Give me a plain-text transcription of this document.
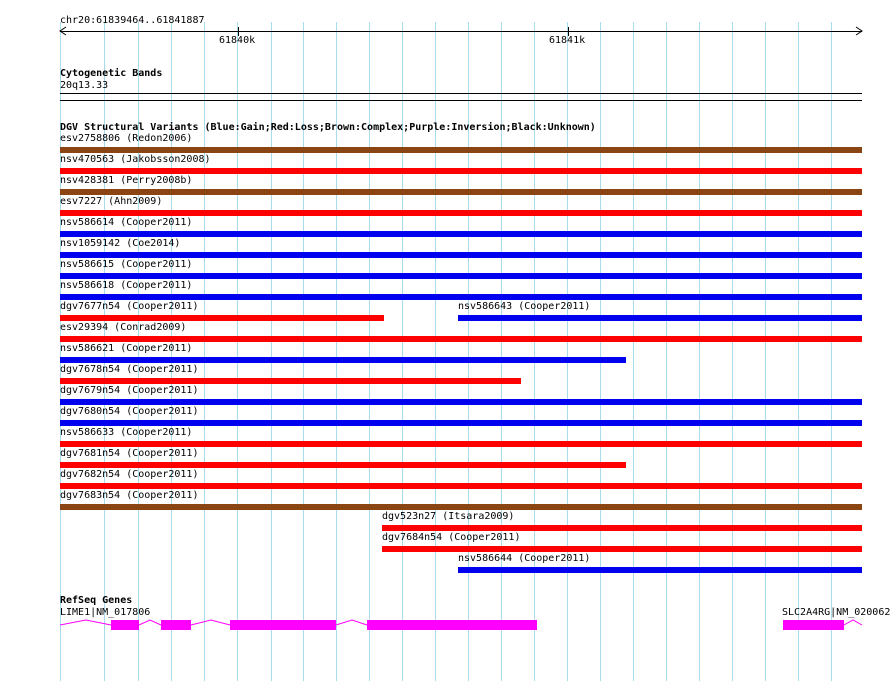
chr20:61839464..61841887
61840k	61841k
Cytogenetic Bands
20q13.33
DGV Structural Variants (Blue:Gain;Red:Loss;Brown:Complex;Purple:Inversion;Black:Unknown)
esv2758806 (Redon2006)
nsv470563 (Jakobsson2008)
nsv428381 (Perry2008b)
esv7227 (Ahn2009)
nsv586614 (Cooper2011)
nsv1059142 (Coe2014)
nsv586615 (Cooper2011)
nsv586618 (Cooper2011)
dgv7677n54 (Cooper2011)	nsv586643 (Cooper2011)
esv29394 (Conrad2009)
nsv586621 (Cooper2011)
dgv7678n54 (Cooper2011)
dgv7679n54 (Cooper2011)
dgv7680n54 (Cooper2011)
nsv586633 (Cooper2011)
dgv7681n54 (Cooper2011)
dgv7682n54 (Cooper2011)
dgv7683n54 (Cooper2011)
dgv523n27 (Itsara2009)
dgv7684n54 (Cooper2011)
nsv586644 (Cooper2011)
RefSeq Genes
LIME1|NM_017806	SLC2A4RG|NM_020062
